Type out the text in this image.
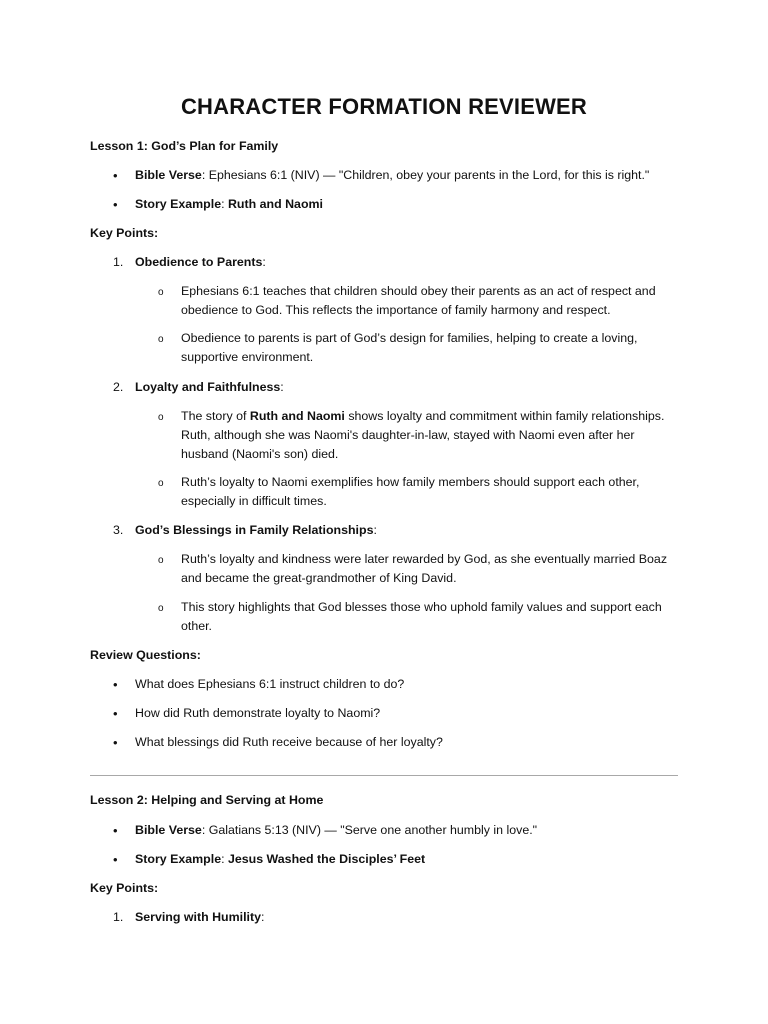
CHARACTER FORMATION REVIEWER
Lesson 1: God’s Plan for Family
• Bible Verse: Ephesians 6:1 (NIV) — "Children, obey your parents in the Lord, for this is right."
• Story Example: Ruth and Naomi
Key Points:
1. Obedience to Parents:
o Ephesians 6:1 teaches that children should obey their parents as an act of respect and
obedience to God. This reflects the importance of family harmony and respect.
o Obedience to parents is part of God’s design for families, helping to create a loving,
supportive environment.
2. Loyalty and Faithfulness:
o The story of Ruth and Naomi shows loyalty and commitment within family relationships.
Ruth, although she was Naomi's daughter-in-law, stayed with Naomi even after her
husband (Naomi's son) died.
o Ruth’s loyalty to Naomi exemplifies how family members should support each other,
especially in difficult times.
3. God’s Blessings in Family Relationships:
o Ruth’s loyalty and kindness were later rewarded by God, as she eventually married Boaz
and became the great-grandmother of King David.
o This story highlights that God blesses those who uphold family values and support each
other.
Review Questions:
• What does Ephesians 6:1 instruct children to do?
• How did Ruth demonstrate loyalty to Naomi?
• What blessings did Ruth receive because of her loyalty?
Lesson 2: Helping and Serving at Home
• Bible Verse: Galatians 5:13 (NIV) — "Serve one another humbly in love."
• Story Example: Jesus Washed the Disciples’ Feet
Key Points:
1. Serving with Humility:
